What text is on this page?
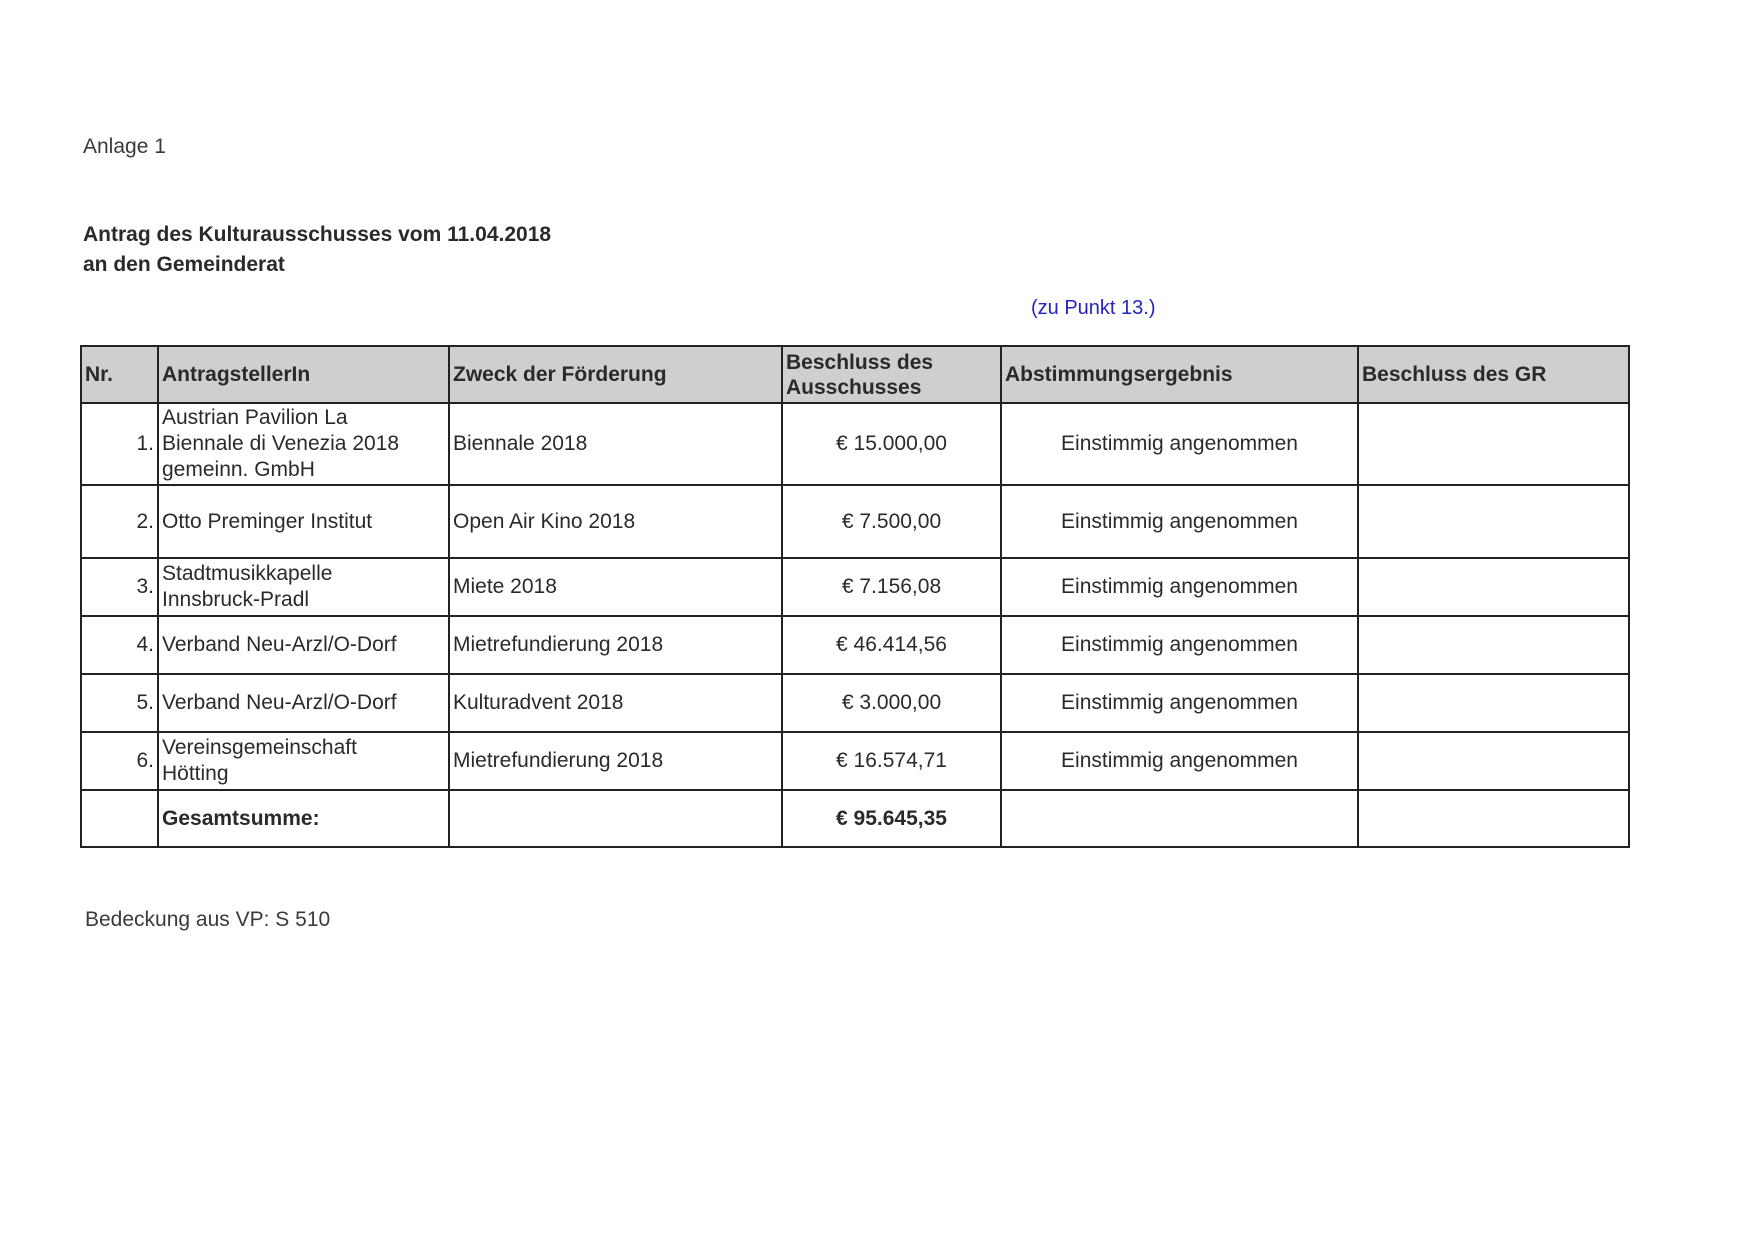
Anlage 1
Antrag des Kulturausschusses vom 11.04.2018
an den Gemeinderat
(zu Punkt 13.)
Nr.	AntragstellerIn	Zweck der Förderung	Beschluss des
Ausschusses	Abstimmungsergebnis	Beschluss des GR
1.	Austrian Pavilion La
Biennale di Venezia 2018
gemeinn. GmbH	Biennale 2018	€ 15.000,00	Einstimmig angenommen	
2.	Otto Preminger Institut	Open Air Kino 2018	€ 7.500,00	Einstimmig angenommen	
3.	Stadtmusikkapelle
Innsbruck-Pradl	Miete 2018	€ 7.156,08	Einstimmig angenommen	
4.	Verband Neu-Arzl/O-Dorf	Mietrefundierung 2018	€ 46.414,56	Einstimmig angenommen	
5.	Verband Neu-Arzl/O-Dorf	Kulturadvent 2018	€ 3.000,00	Einstimmig angenommen	
6.	Vereinsgemeinschaft
Hötting	Mietrefundierung 2018	€ 16.574,71	Einstimmig angenommen	
	Gesamtsumme:		€ 95.645,35		
Bedeckung aus VP: S 510
